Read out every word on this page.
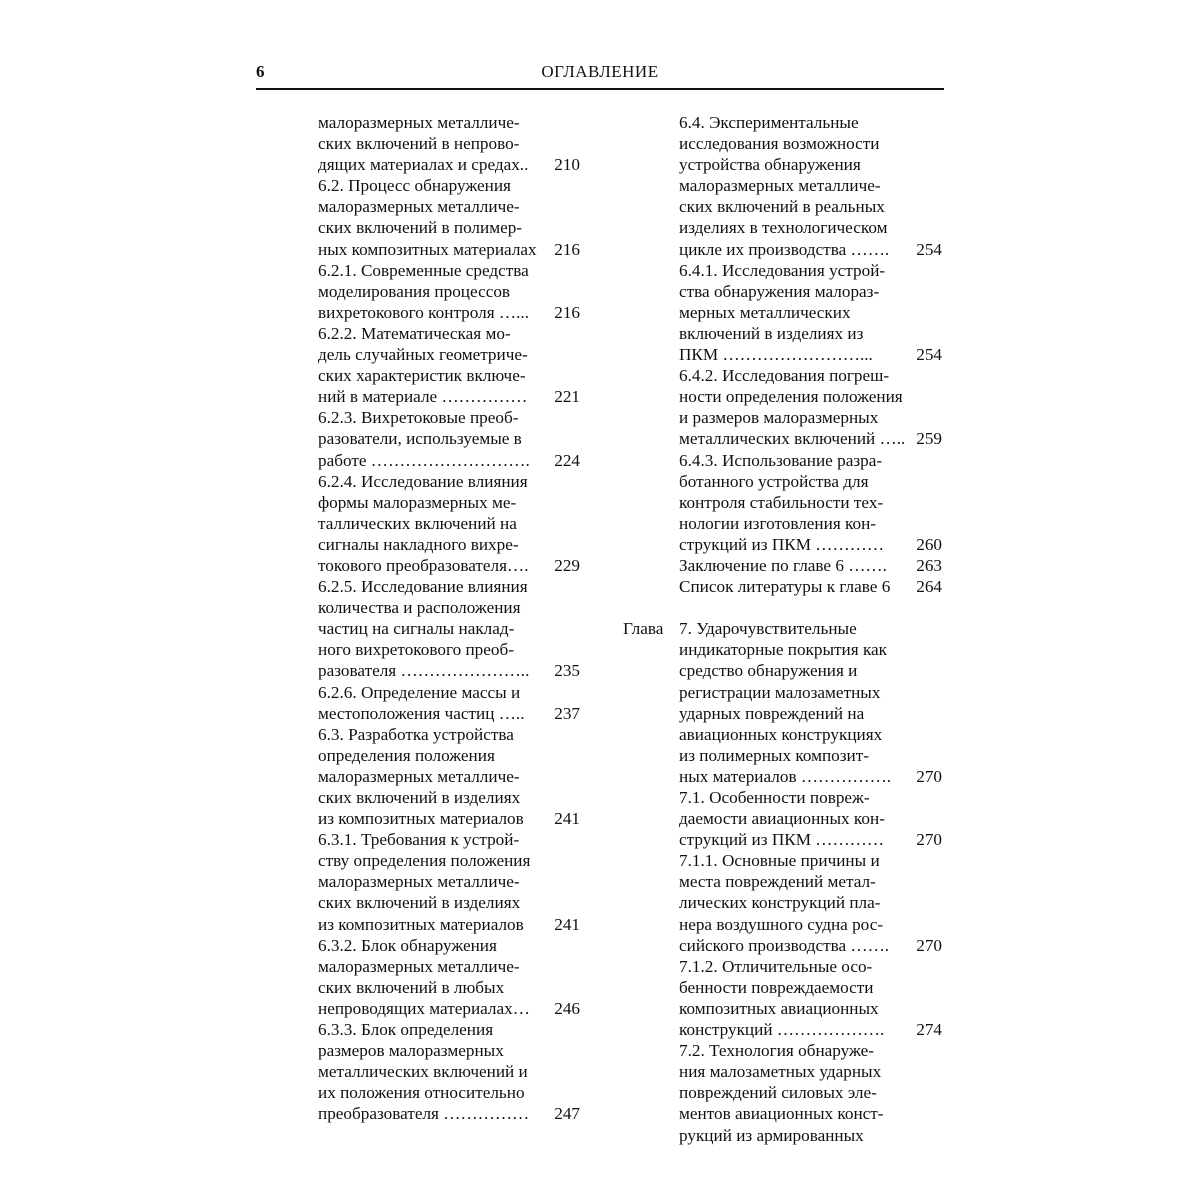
6	ОГЛАВЛЕНИЕ
малоразмерных металличе-
ских включений в непрово-
дящих материалах и средах.. 210
6.2. Процесс обнаружения
малоразмерных металличе-
ских включений в полимер-
ных композитных материалах 216
6.2.1. Современные средства
моделирования процессов
вихретокового контроля …... 216
6.2.2. Математическая мо-
дель случайных геометриче-
ских характеристик включе-
ний в материале …………… 221
6.2.3. Вихретоковые преоб-
разователи, используемые в
работе ………………………. 224
6.2.4. Исследование влияния
формы малоразмерных ме-
таллических включений на
сигналы накладного вихре-
токового преобразователя…. 229
6.2.5. Исследование влияния
количества и расположения
частиц на сигналы наклад-
ного вихретокового преоб-
разователя ………………….. 235
6.2.6. Определение массы и
местоположения частиц ….. 237
6.3. Разработка устройства
определения положения
малоразмерных металличе-
ских включений в изделиях
из композитных материалов 241
6.3.1. Требования к устрой-
ству определения положения
малоразмерных металличе-
ских включений в изделиях
из композитных материалов 241
6.3.2. Блок обнаружения
малоразмерных металличе-
ских включений в любых
непроводящих материалах… 246
6.3.3. Блок определения
размеров малоразмерных
металлических включений и
их положения относительно
преобразователя …………… 247
6.4. Экспериментальные
исследования возможности
устройства обнаружения
малоразмерных металличе-
ских включений в реальных
изделиях в технологическом
цикле их производства ……. 254
6.4.1. Исследования устрой-
ства обнаружения малораз-
мерных металлических
включений в изделиях из
ПКМ ……………………...	254
6.4.2. Исследования погреш-
ности определения положения
и размеров малоразмерных
металлических включений ….. 259
6.4.3. Использование разра-
ботанного устройства для
контроля стабильности тех-
нологии изготовления кон-
струкций из ПКМ ………… 260
Заключение по главе 6 ……. 263
Список литературы к главе 6 264
Глава 7. Ударочувствительные
индикаторные покрытия как
средство обнаружения и
регистрации малозаметных
ударных повреждений на
авиационных конструкциях
из полимерных композит-
ных материалов ……………. 270
7.1. Особенности повреж-
даемости авиационных кон-
струкций из ПКМ ………… 270
7.1.1. Основные причины и
места повреждений метал-
лических конструкций пла-
нера воздушного судна рос-
сийского производства ……. 270
7.1.2. Отличительные осо-
бенности повреждаемости
композитных авиационных
конструкций ………………. 274
7.2. Технология обнаруже-
ния малозаметных ударных
повреждений силовых эле-
ментов авиационных конст-
рукций из армированных
